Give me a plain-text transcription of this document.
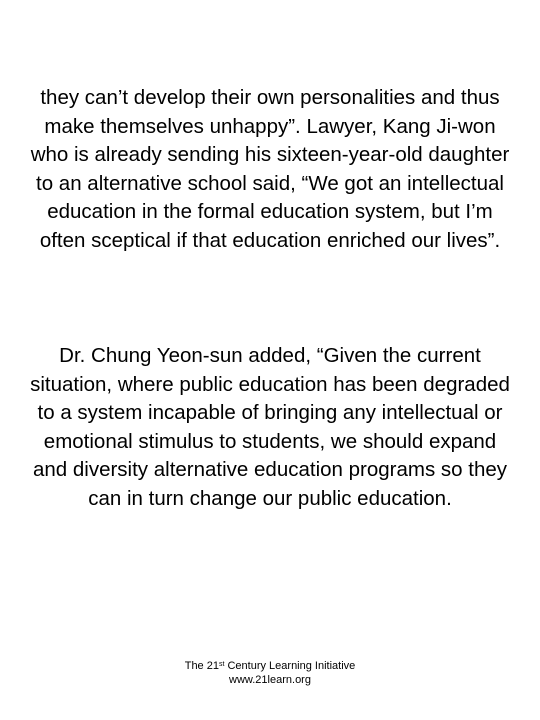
they can’t develop their own personalities and thus make themselves unhappy”. Lawyer, Kang Ji-won who is already sending his sixteen-year-old daughter to an alternative school said, “We got an intellectual education in the formal education system, but I’m often sceptical if that education enriched our lives”.

Dr. Chung Yeon-sun added, “Given the current situation, where public education has been degraded to a system incapable of bringing any intellectual or emotional stimulus to students, we should expand and diversity alternative education programs so they can in turn change our public education.

The 21st Century Learning Initiative
www.21learn.org
